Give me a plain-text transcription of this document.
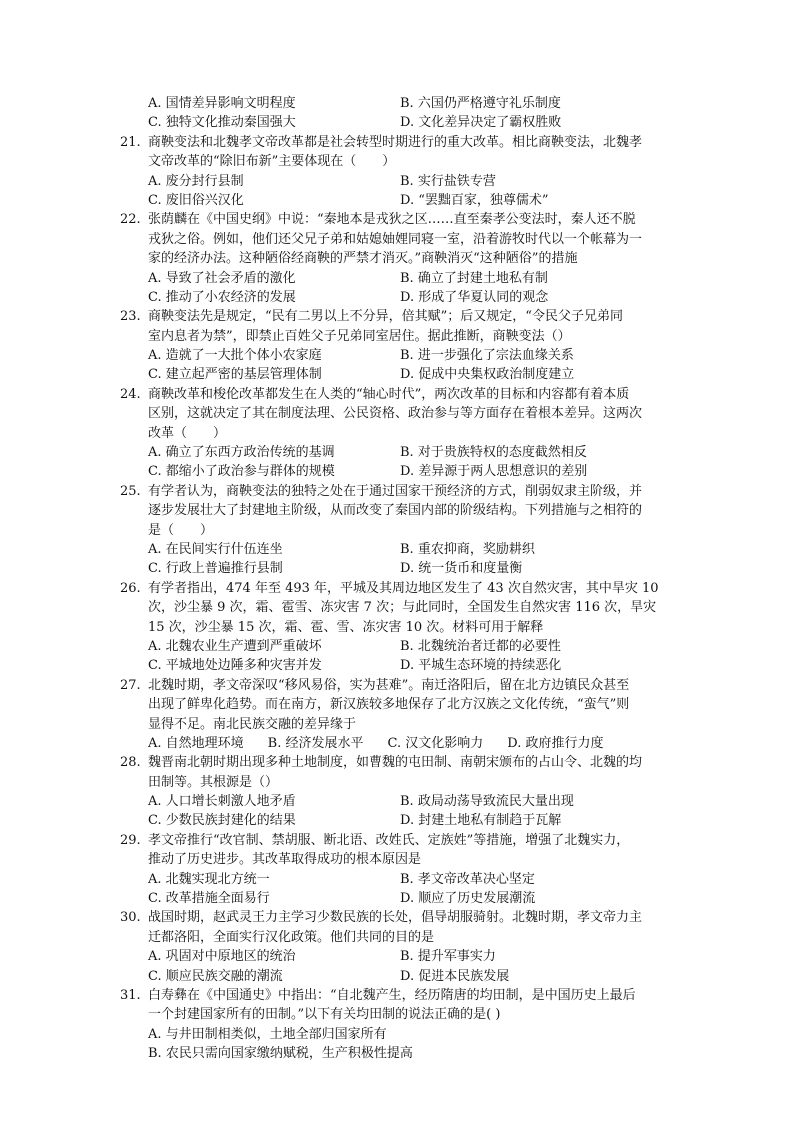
A. 国情差异影响文明程度	B. 六国仍严格遵守礼乐制度
C. 独特文化推动秦国强大	D. 文化差异决定了霸权胜败
21. 商鞅变法和北魏孝文帝改革都是社会转型时期进行的重大改革。相比商鞅变法，北魏孝
文帝改革的“除旧布新”主要体现在（　　）
A. 废分封行县制	B. 实行盐铁专营
C. 废旧俗兴汉化	D. “罢黜百家，独尊儒术”
22. 张荫麟在《中国史纲》中说：“秦地本是戎狄之区……直至秦孝公变法时，秦人还不脱
戎狄之俗。例如，他们还父兄子弟和姑媳妯娌同寝一室，沿着游牧时代以一个帐幕为一
家的经济办法。这种陋俗经商鞅的严禁才消灭。”商鞅消灭“这种陋俗”的措施
A. 导致了社会矛盾的激化	B. 确立了封建土地私有制
C. 推动了小农经济的发展	D. 形成了华夏认同的观念
23. 商鞅变法先是规定，“民有二男以上不分异，倍其赋”；后又规定，“令民父子兄弟同
室内息者为禁”，即禁止百姓父子兄弟同室居住。据此推断，商鞅变法（）
A. 造就了一大批个体小农家庭	B. 进一步强化了宗法血缘关系
C. 建立起严密的基层管理体制	D. 促成中央集权政治制度建立
24. 商鞅改革和梭伦改革都发生在人类的“轴心时代”，两次改革的目标和内容都有着本质
区别，这就决定了其在制度法理、公民资格、政治参与等方面存在着根本差异。这两次
改革（　　）
A. 确立了东西方政治传统的基调	B. 对于贵族特权的态度截然相反
C. 都缩小了政治参与群体的规模	D. 差异源于两人思想意识的差别
25. 有学者认为，商鞅变法的独特之处在于通过国家干预经济的方式，削弱奴隶主阶级，并
逐步发展壮大了封建地主阶级，从而改变了秦国内部的阶级结构。下列措施与之相符的
是（　　）
A. 在民间实行什伍连坐	B. 重农抑商，奖励耕织
C. 行政上普遍推行县制	D. 统一货币和度量衡
26. 有学者指出，474 年至 493 年，平城及其周边地区发生了 43 次自然灾害，其中旱灾 10
次，沙尘暴 9 次，霜、雹雪、冻灾害 7 次；与此同时，全国发生自然灾害 116 次，旱灾
15 次，沙尘暴 15 次，霜、雹、雪、冻灾害 10 次。材料可用于解释
A. 北魏农业生产遭到严重破坏	B. 北魏统治者迁都的必要性
C. 平城地处边陲多种灾害并发	D. 平城生态环境的持续恶化
27. 北魏时期，孝文帝深叹“移风易俗，实为甚难”。南迁洛阳后，留在北方边镇民众甚至
出现了鲜卑化趋势。而在南方，新汉族较多地保存了北方汉族之文化传统，“蛮气”则
显得不足。南北民族交融的差异缘于
A. 自然地理环境 B. 经济发展水平 C. 汉文化影响力 D. 政府推行力度
28. 魏晋南北朝时期出现多种土地制度，如曹魏的屯田制、南朝宋颁布的占山令、北魏的均
田制等。其根源是（）
A. 人口增长刺激人地矛盾	B. 政局动荡导致流民大量出现
C. 少数民族封建化的结果	D. 封建土地私有制趋于瓦解
29. 孝文帝推行“改官制、禁胡服、断北语、改姓氏、定族姓”等措施，增强了北魏实力，
推动了历史进步。其改革取得成功的根本原因是
A. 北魏实现北方统一	B. 孝文帝改革决心坚定
C. 改革措施全面易行	D. 顺应了历史发展潮流
30. 战国时期，赵武灵王力主学习少数民族的长处，倡导胡服骑射。北魏时期，孝文帝力主
迁都洛阳，全面实行汉化政策。他们共同的目的是
A. 巩固对中原地区的统治	B. 提升军事实力
C. 顺应民族交融的潮流	D. 促进本民族发展
31. 白寿彝在《中国通史》中指出：“自北魏产生，经历隋唐的均田制，是中国历史上最后
一个封建国家所有的田制。”以下有关均田制的说法正确的是( )
A. 与井田制相类似，土地全部归国家所有
B. 农民只需向国家缴纳赋税，生产积极性提高
